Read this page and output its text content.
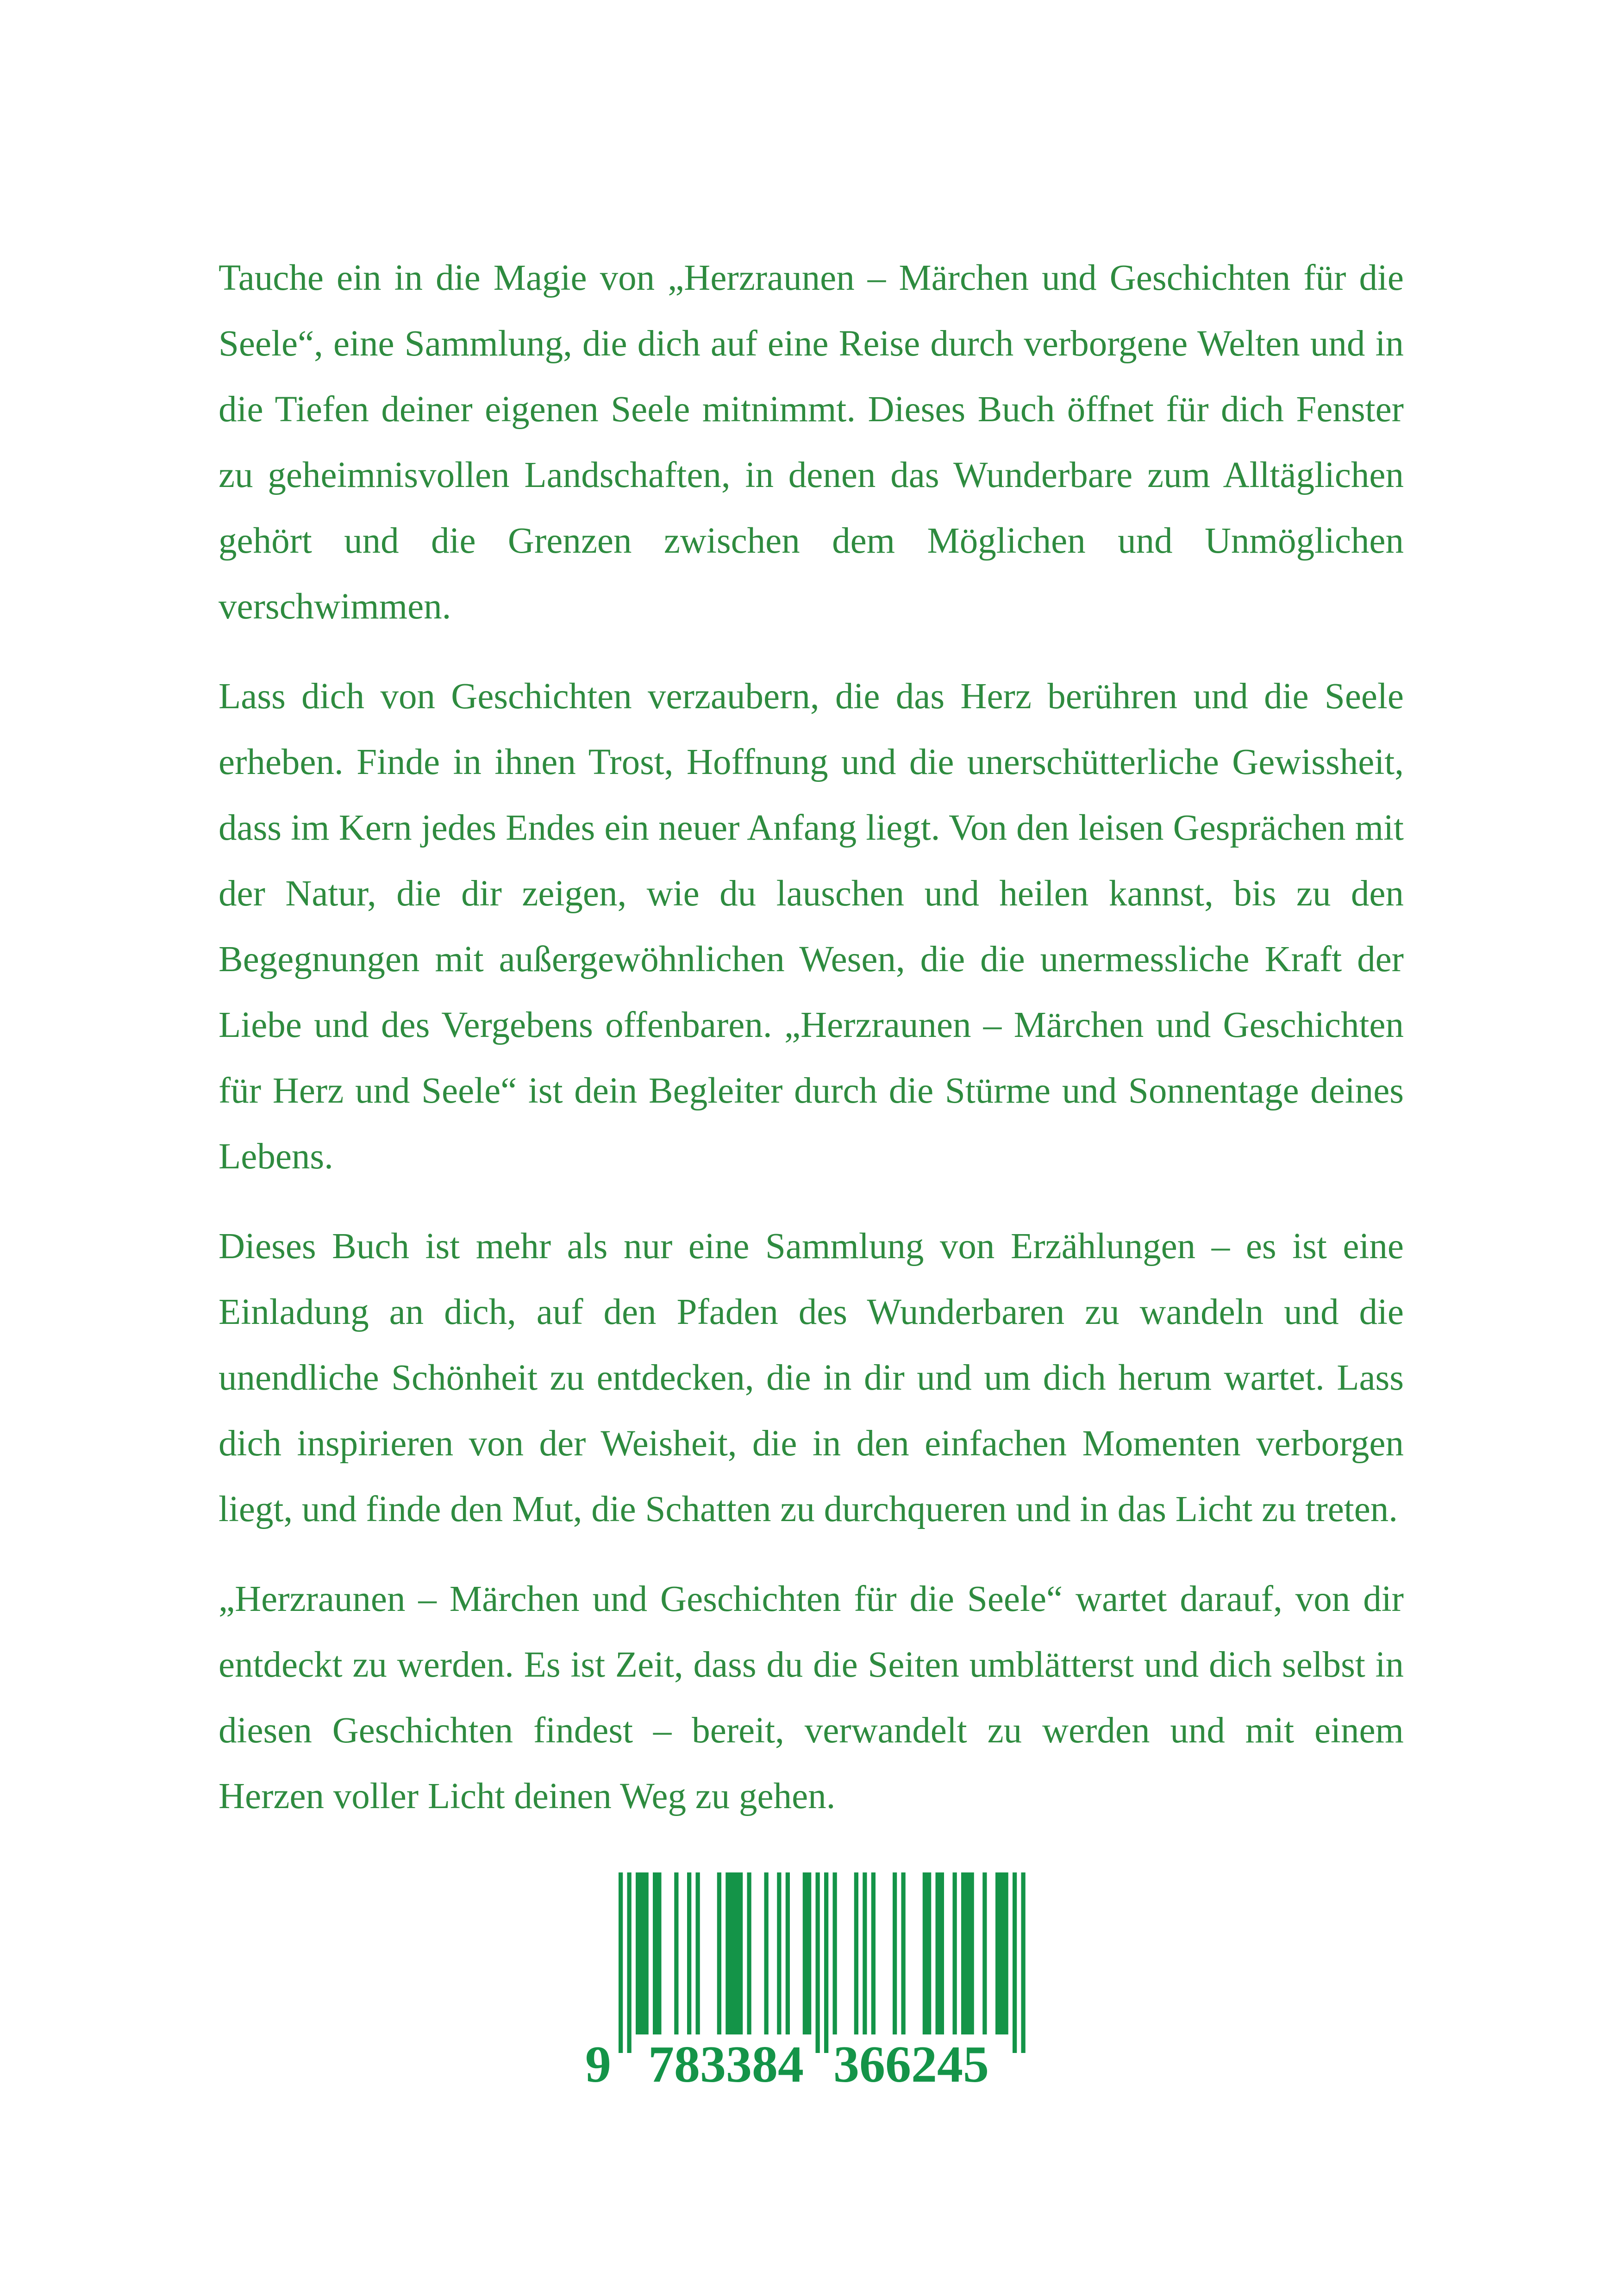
Tauche ein in die Magie von „Herzraunen – Märchen und Geschichten für die Seele“, eine Sammlung, die dich auf eine Reise durch verborgene Welten und in die Tiefen deiner eigenen Seele mitnimmt. Dieses Buch öffnet für dich Fenster zu geheimnisvollen Landschaften, in denen das Wunderbare zum Alltäglichen gehört und die Grenzen zwischen dem Möglichen und Unmöglichen verschwimmen.

Lass dich von Geschichten verzaubern, die das Herz berühren und die Seele erheben. Finde in ihnen Trost, Hoffnung und die unerschütterliche Gewissheit, dass im Kern jedes Endes ein neuer Anfang liegt. Von den leisen Gesprächen mit der Natur, die dir zeigen, wie du lauschen und heilen kannst, bis zu den Begegnungen mit außergewöhnlichen Wesen, die die unermessliche Kraft der Liebe und des Vergebens offenbaren. „Herzraunen – Märchen und Geschichten für Herz und Seele“ ist dein Begleiter durch die Stürme und Sonnentage deines Lebens.

Dieses Buch ist mehr als nur eine Sammlung von Erzählungen – es ist eine Einladung an dich, auf den Pfaden des Wunderbaren zu wandeln und die unendliche Schönheit zu entdecken, die in dir und um dich herum wartet. Lass dich inspirieren von der Weisheit, die in den einfachen Momenten verborgen liegt, und finde den Mut, die Schatten zu durchqueren und in das Licht zu treten.

„Herzraunen – Märchen und Geschichten für die Seele“ wartet darauf, von dir entdeckt zu werden. Es ist Zeit, dass du die Seiten umblätterst und dich selbst in diesen Geschichten findest – bereit, verwandelt zu werden und mit einem Herzen voller Licht deinen Weg zu gehen.

9 783384 366245
